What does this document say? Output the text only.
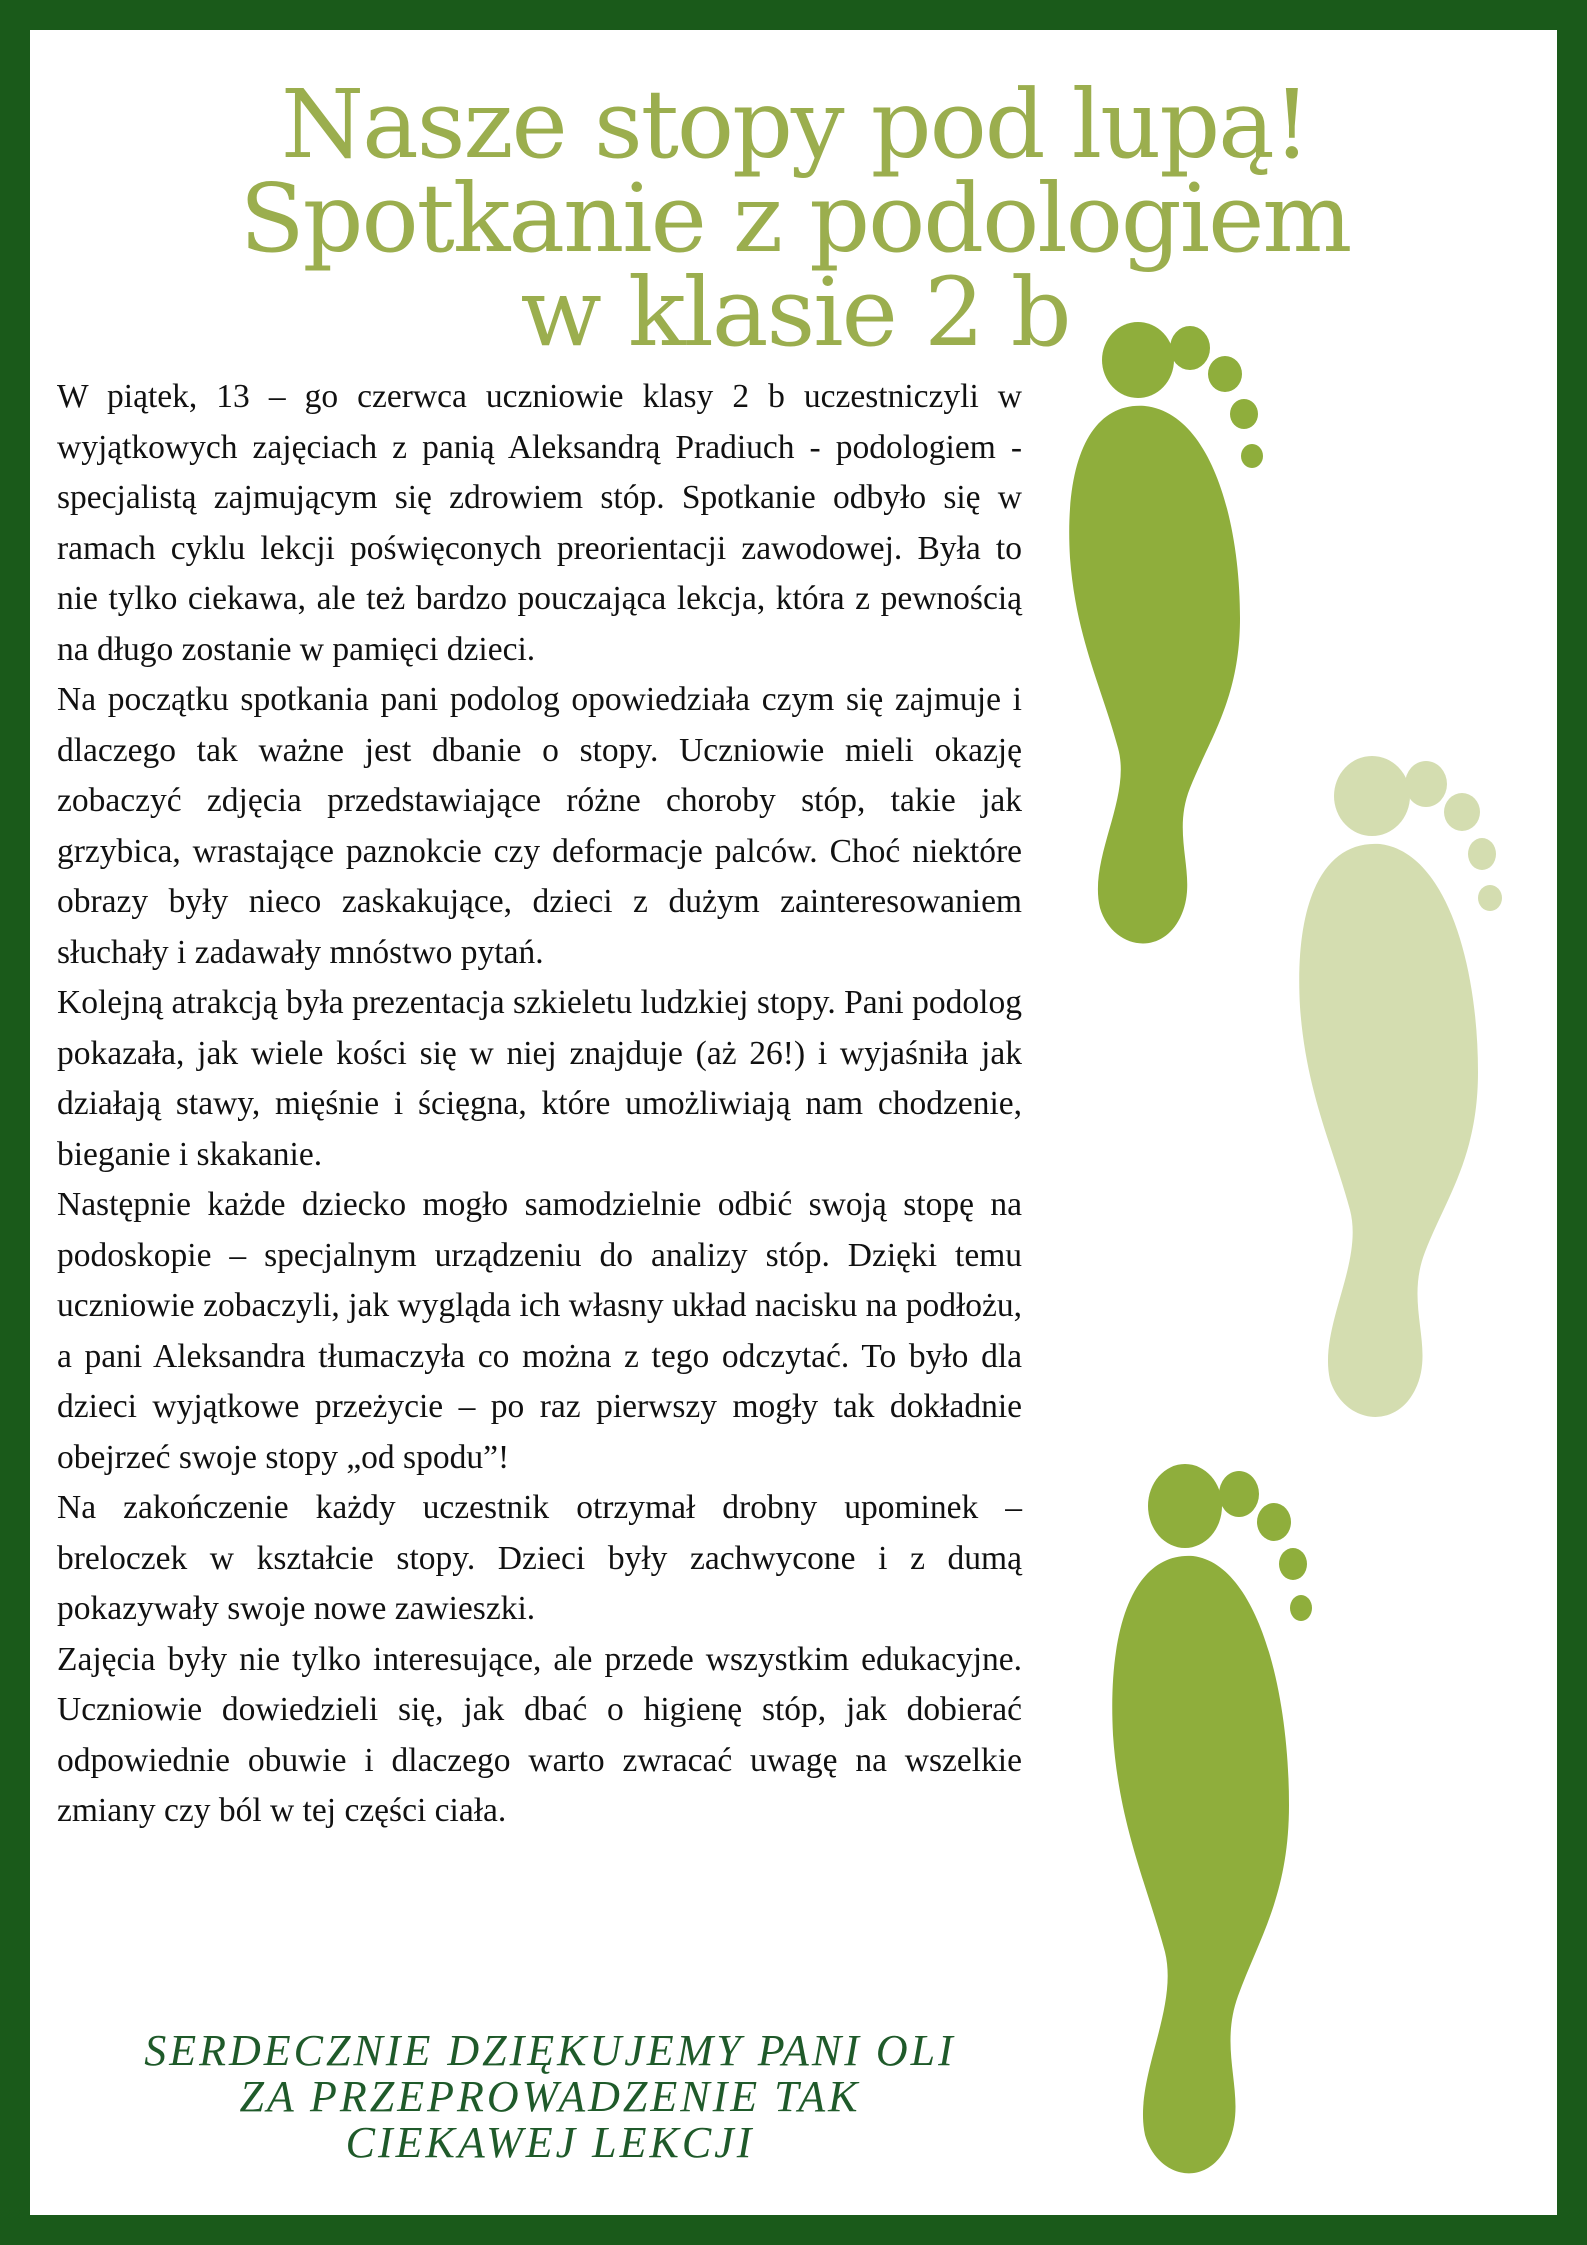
Nasze stopy pod lupą!
Spotkanie z podologiem
w klasie 2 b

W piątek, 13 – go czerwca uczniowie klasy 2 b uczestniczyli w wyjątkowych zajęciach z panią Aleksandrą Pradiuch - podologiem - specjalistą zajmującym się zdrowiem stóp. Spotkanie odbyło się w ramach cyklu lekcji poświęconych preorientacji zawodowej. Była to nie tylko ciekawa, ale też bardzo pouczająca lekcja, która z pewnością na długo zostanie w pamięci dzieci.

Na początku spotkania pani podolog opowiedziała czym się zajmuje i dlaczego tak ważne jest dbanie o stopy. Uczniowie mieli okazję zobaczyć zdjęcia przedstawiające różne choroby stóp, takie jak grzybica, wrastające paznokcie czy deformacje palców. Choć niektóre obrazy były nieco zaskakujące, dzieci z dużym zainteresowaniem słuchały i zadawały mnóstwo pytań.

Kolejną atrakcją była prezentacja szkieletu ludzkiej stopy. Pani podolog pokazała, jak wiele kości się w niej znajduje (aż 26!) i wyjaśniła jak działają stawy, mięśnie i ścięgna, które umożliwiają nam chodzenie, bieganie i skakanie.

Następnie każde dziecko mogło samodzielnie odbić swoją stopę na podoskopie – specjalnym urządzeniu do analizy stóp. Dzięki temu uczniowie zobaczyli, jak wygląda ich własny układ nacisku na podłożu, a pani Aleksandra tłumaczyła co można z tego odczytać. To było dla dzieci wyjątkowe przeżycie – po raz pierwszy mogły tak dokładnie obejrzeć swoje stopy „od spodu”!

Na zakończenie każdy uczestnik otrzymał drobny upominek – breloczek w kształcie stopy. Dzieci były zachwycone i z dumą pokazywały swoje nowe zawieszki.

Zajęcia były nie tylko interesujące, ale przede wszystkim edukacyjne. Uczniowie dowiedzieli się, jak dbać o higienę stóp, jak dobierać odpowiednie obuwie i dlaczego warto zwracać uwagę na wszelkie zmiany czy ból w tej części ciała.

SERDECZNIE DZIĘKUJEMY PANI OLI
ZA PRZEPROWADZENIE TAK
CIEKAWEJ LEKCJI
